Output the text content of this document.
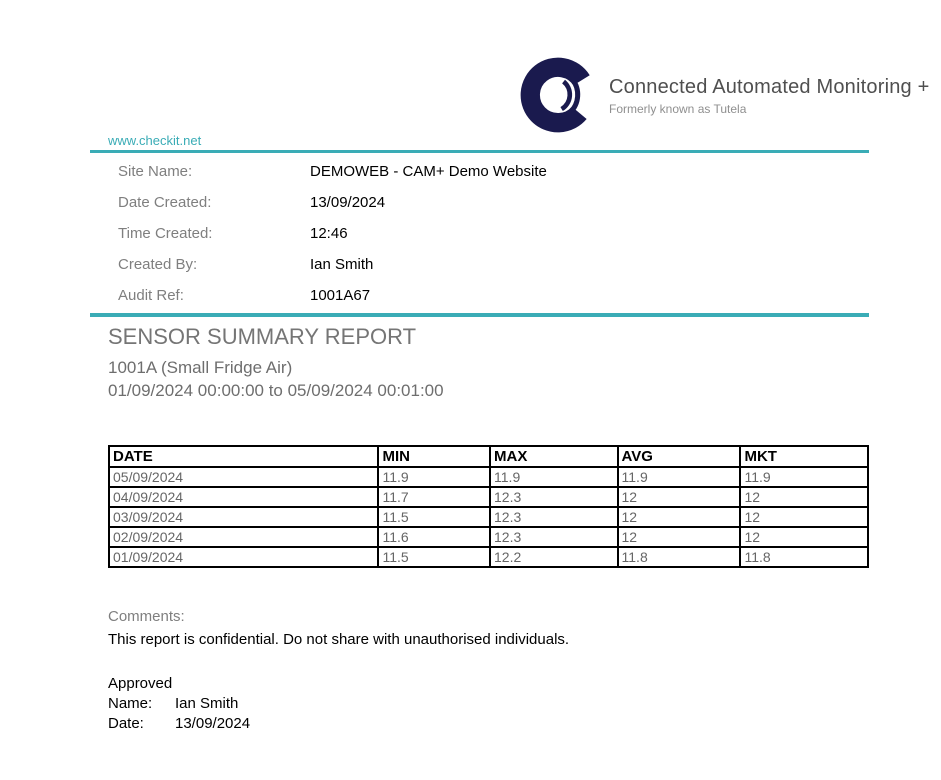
Connected Automated Monitoring +
Formerly known as Tutela
www.checkit.net
Site Name:	DEMOWEB - CAM+ Demo Website
Date Created:	13/09/2024
Time Created:	12:46
Created By:	Ian Smith
Audit Ref:	1001A67
SENSOR SUMMARY REPORT
1001A (Small Fridge Air)
01/09/2024 00:00:00 to 05/09/2024 00:01:00
DATE	MIN	MAX	AVG	MKT
05/09/2024	11.9	11.9	11.9	11.9
04/09/2024	11.7	12.3	12	12
03/09/2024	11.5	12.3	12	12
02/09/2024	11.6	12.3	12	12
01/09/2024	11.5	12.2	11.8	11.8
Comments:
This report is confidential. Do not share with unauthorised individuals.
Approved
Name:	Ian Smith
Date:	13/09/2024
